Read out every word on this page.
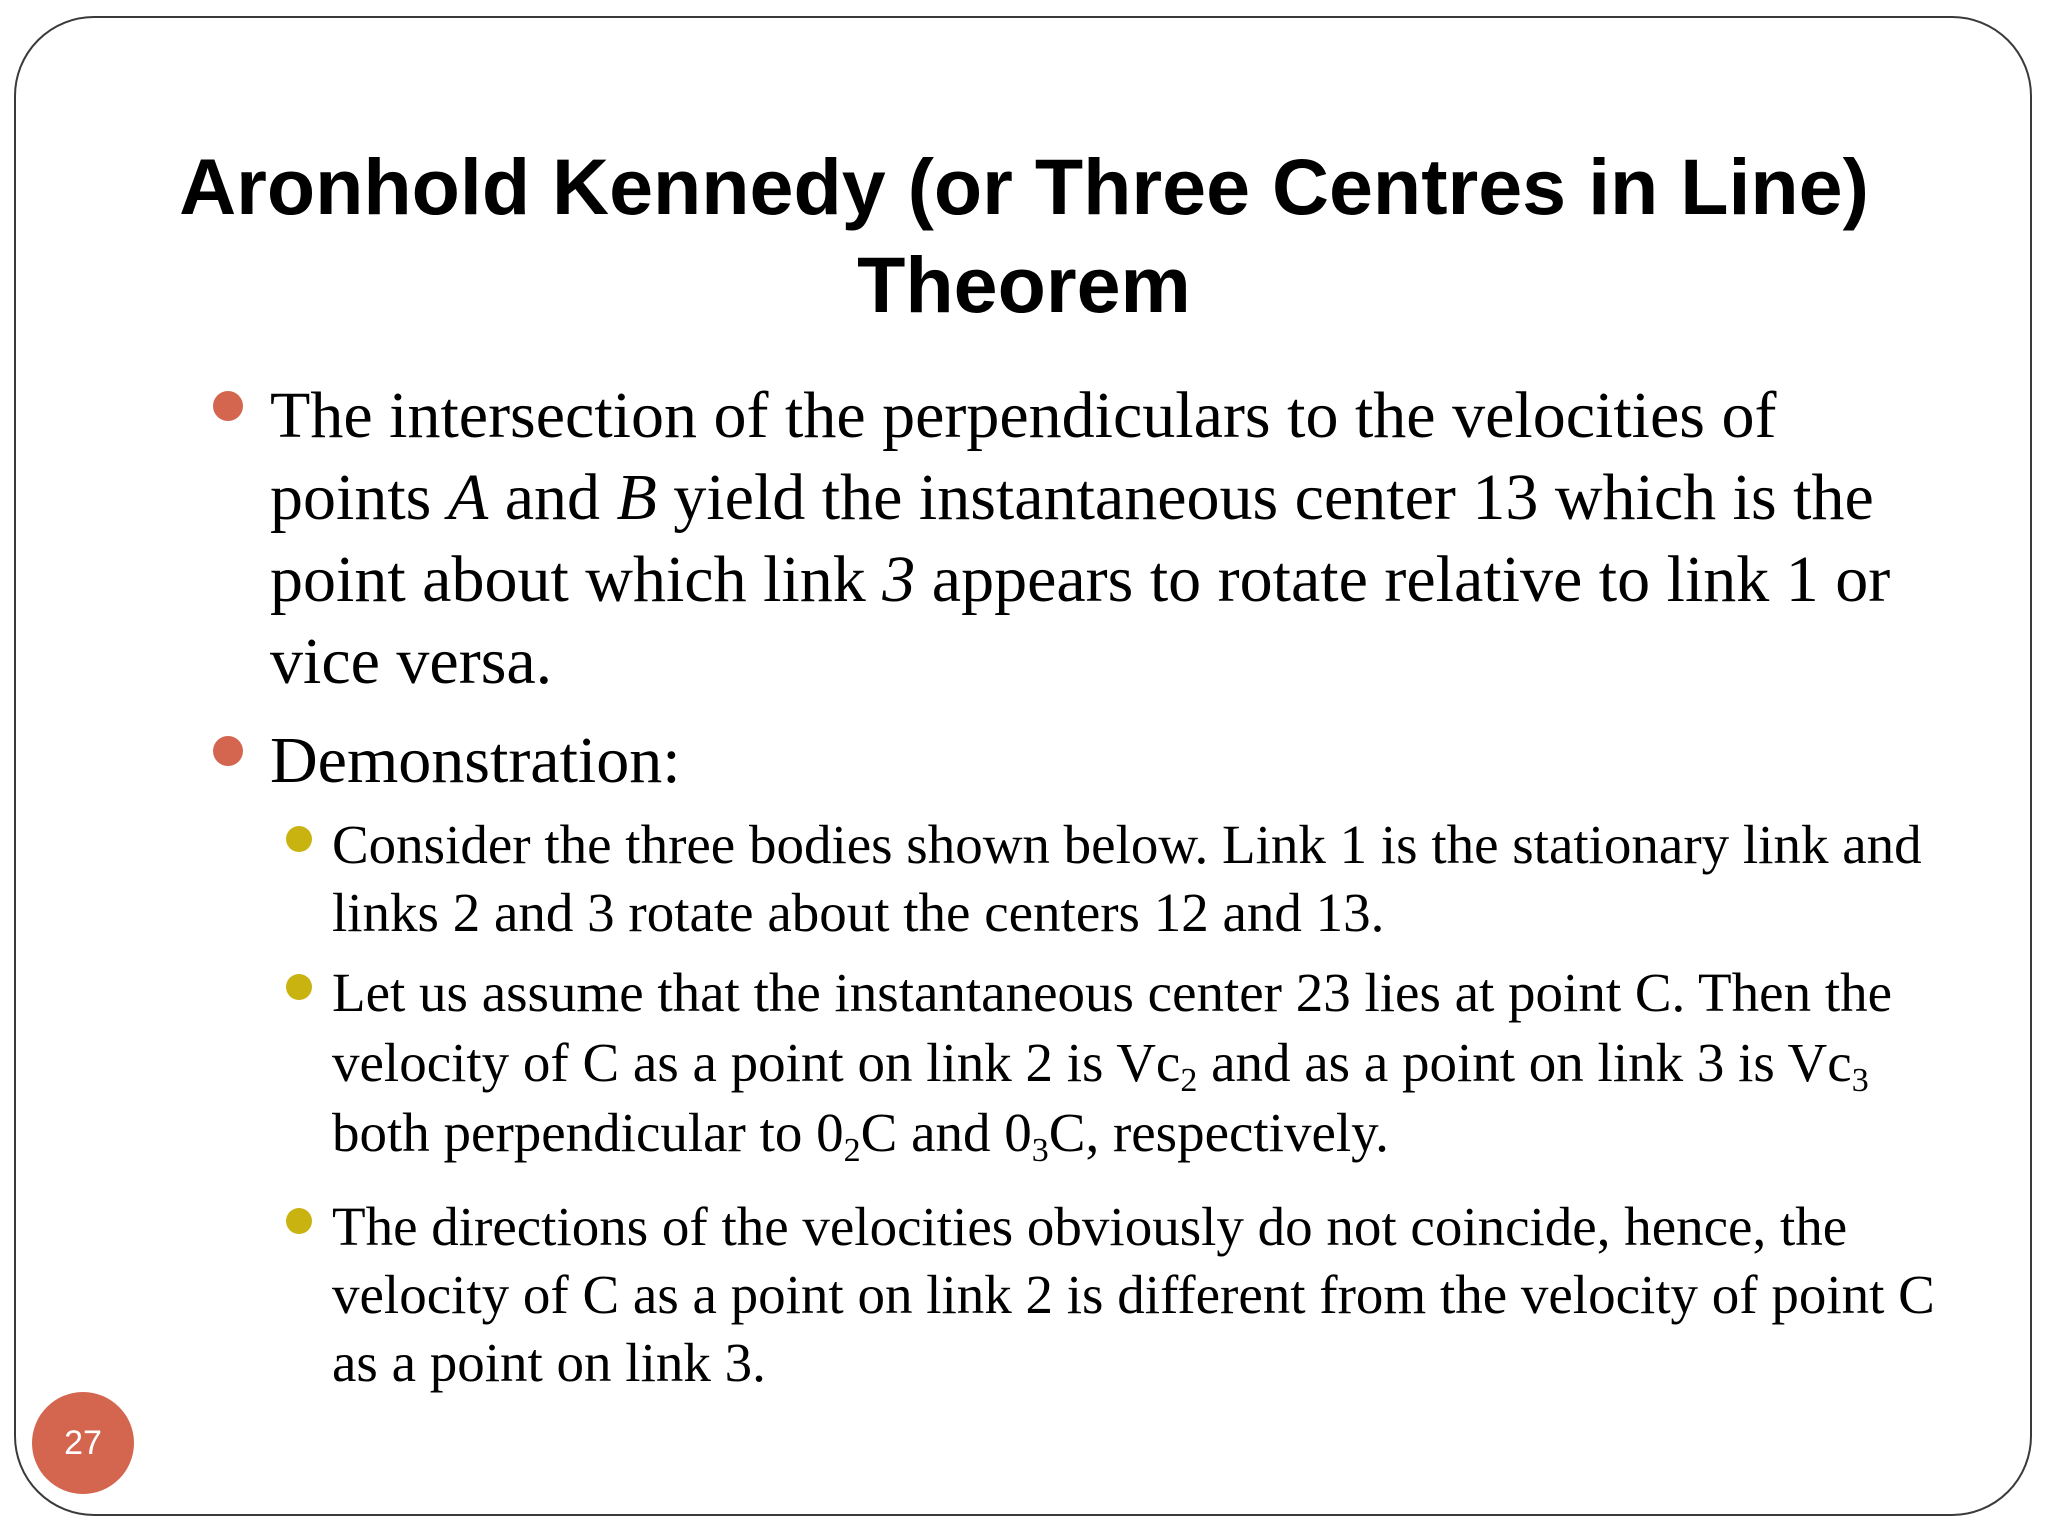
Aronhold Kennedy (or Three Centres in Line)
Theorem
The intersection of the perpendiculars to the velocities of points A and B yield the instantaneous center 13 which is the point about which link 3 appears to rotate relative to link 1 or vice versa.
Demonstration:
Consider the three bodies shown below. Link 1 is the stationary link and links 2 and 3 rotate about the centers 12 and 13.
Let us assume that the instantaneous center 23 lies at point C. Then the velocity of C as a point on link 2 is $Vc_2$ and as a point on link 3 is $Vc_3$ both perpendicular to $0_2C$ and $0_3C$, respectively.
The directions of the velocities obviously do not coincide, hence, the velocity of C as a point on link 2 is different from the velocity of point C as a point on link 3.
27
